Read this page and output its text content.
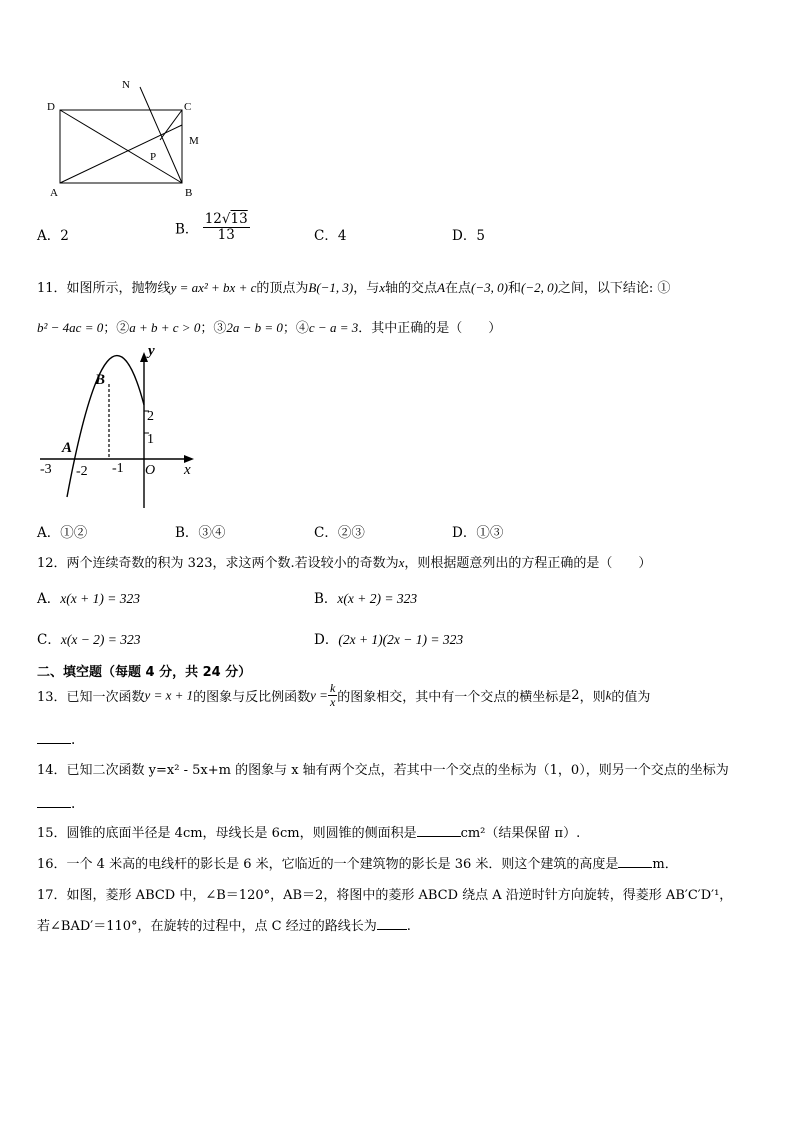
D	C
N
M
P
A	B
A．2	B． $\frac{12√13}{13}$	C．4	D．5
11．如图所示，抛物线y = ax² + bx + c的顶点为B(−1, 3)，与x轴的交点A在点(−3, 0)和(−2, 0)之间，以下结论: ①
b² − 4ac = 0；②a + b + c > 0；③2a − b = 0；④c − a = 3．其中正确的是（　　）
y
x
O
B
A
-3 -2 -1
2
1
A．①②	B．③④	C．②③	D．①③
12．两个连续奇数的积为 323，求这两个数.若设较小的奇数为x，则根据题意列出的方程正确的是（　　）
A．x(x + 1) = 323	B．x(x + 2) = 323
C．x(x − 2) = 323	D．(2x + 1)(2x − 1) = 323
二、填空题（每题 4 分，共 24 分）
13．已知一次函数y = x + 1的图象与反比例函数$y = \frac{k}{x}$ 的图象相交，其中有一个交点的横坐标是2，则k的值为
.
14．已知二次函数 y=x² - 5x+m 的图象与 x 轴有两个交点，若其中一个交点的坐标为（1，0），则另一个交点的坐标为
.
15．圆锥的底面半径是 4cm，母线长是 6cm，则圆锥的侧面积是	cm²（结果保留 π）.
16．一个 4 米高的电线杆的影长是 6 米，它临近的一个建筑物的影长是 36 米．则这个建筑的高度是	m．
17．如图，菱形 ABCD 中，∠B＝120°，AB＝2，将图中的菱形 ABCD 绕点 A 沿逆时针方向旋转，得菱形 AB′C′D′¹，
若∠BAD′＝110°，在旋转的过程中，点 C 经过的路线长为 .
